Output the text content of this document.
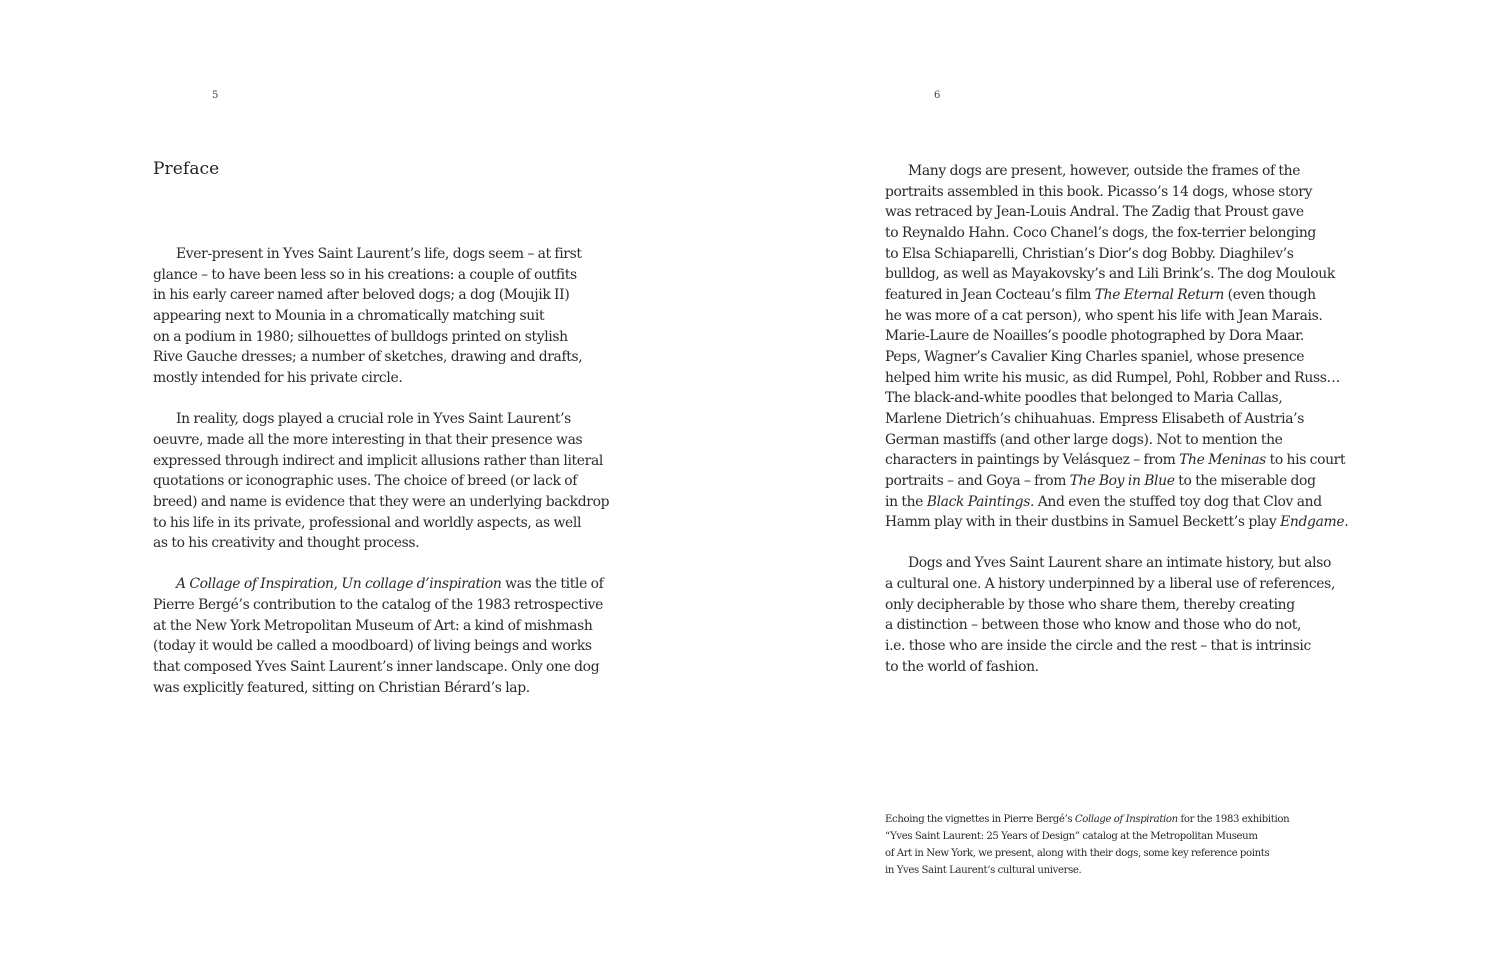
5
Preface

Ever-present in Yves Saint Laurent’s life, dogs seem – at first
glance – to have been less so in his creations: a couple of outfits
in his early career named after beloved dogs; a dog (Moujik II)
appearing next to Mounia in a chromatically matching suit
on a podium in 1980; silhouettes of bulldogs printed on stylish
Rive Gauche dresses; a number of sketches, drawing and drafts,
mostly intended for his private circle.

In reality, dogs played a crucial role in Yves Saint Laurent’s
oeuvre, made all the more interesting in that their presence was
expressed through indirect and implicit allusions rather than literal
quotations or iconographic uses. The choice of breed (or lack of
breed) and name is evidence that they were an underlying backdrop
to his life in its private, professional and worldly aspects, as well
as to his creativity and thought process.

A Collage of Inspiration, Un collage d’inspiration was the title of
Pierre Bergé’s contribution to the catalog of the 1983 retrospective
at the New York Metropolitan Museum of Art: a kind of mishmash
(today it would be called a moodboard) of living beings and works
that composed Yves Saint Laurent’s inner landscape. Only one dog
was explicitly featured, sitting on Christian Bérard’s lap.

6

Many dogs are present, however, outside the frames of the
portraits assembled in this book. Picasso’s 14 dogs, whose story
was retraced by Jean-Louis Andral. The Zadig that Proust gave
to Reynaldo Hahn. Coco Chanel’s dogs, the fox-terrier belonging
to Elsa Schiaparelli, Christian’s Dior’s dog Bobby. Diaghilev’s
bulldog, as well as Mayakovsky’s and Lili Brink’s. The dog Moulouk
featured in Jean Cocteau’s film The Eternal Return (even though
he was more of a cat person), who spent his life with Jean Marais.
Marie-Laure de Noailles’s poodle photographed by Dora Maar.
Peps, Wagner’s Cavalier King Charles spaniel, whose presence
helped him write his music, as did Rumpel, Pohl, Robber and Russ…
The black-and-white poodles that belonged to Maria Callas,
Marlene Dietrich’s chihuahuas. Empress Elisabeth of Austria’s
German mastiffs (and other large dogs). Not to mention the
characters in paintings by Velásquez – from The Meninas to his court
portraits – and Goya – from The Boy in Blue to the miserable dog
in the Black Paintings. And even the stuffed toy dog that Clov and
Hamm play with in their dustbins in Samuel Beckett’s play Endgame.

Dogs and Yves Saint Laurent share an intimate history, but also
a cultural one. A history underpinned by a liberal use of references,
only decipherable by those who share them, thereby creating
a distinction – between those who know and those who do not,
i.e. those who are inside the circle and the rest – that is intrinsic
to the world of fashion.

Echoing the vignettes in Pierre Bergé’s Collage of Inspiration for the 1983 exhibition
“Yves Saint Laurent: 25 Years of Design” catalog at the Metropolitan Museum
of Art in New York, we present, along with their dogs, some key reference points
in Yves Saint Laurent’s cultural universe.
